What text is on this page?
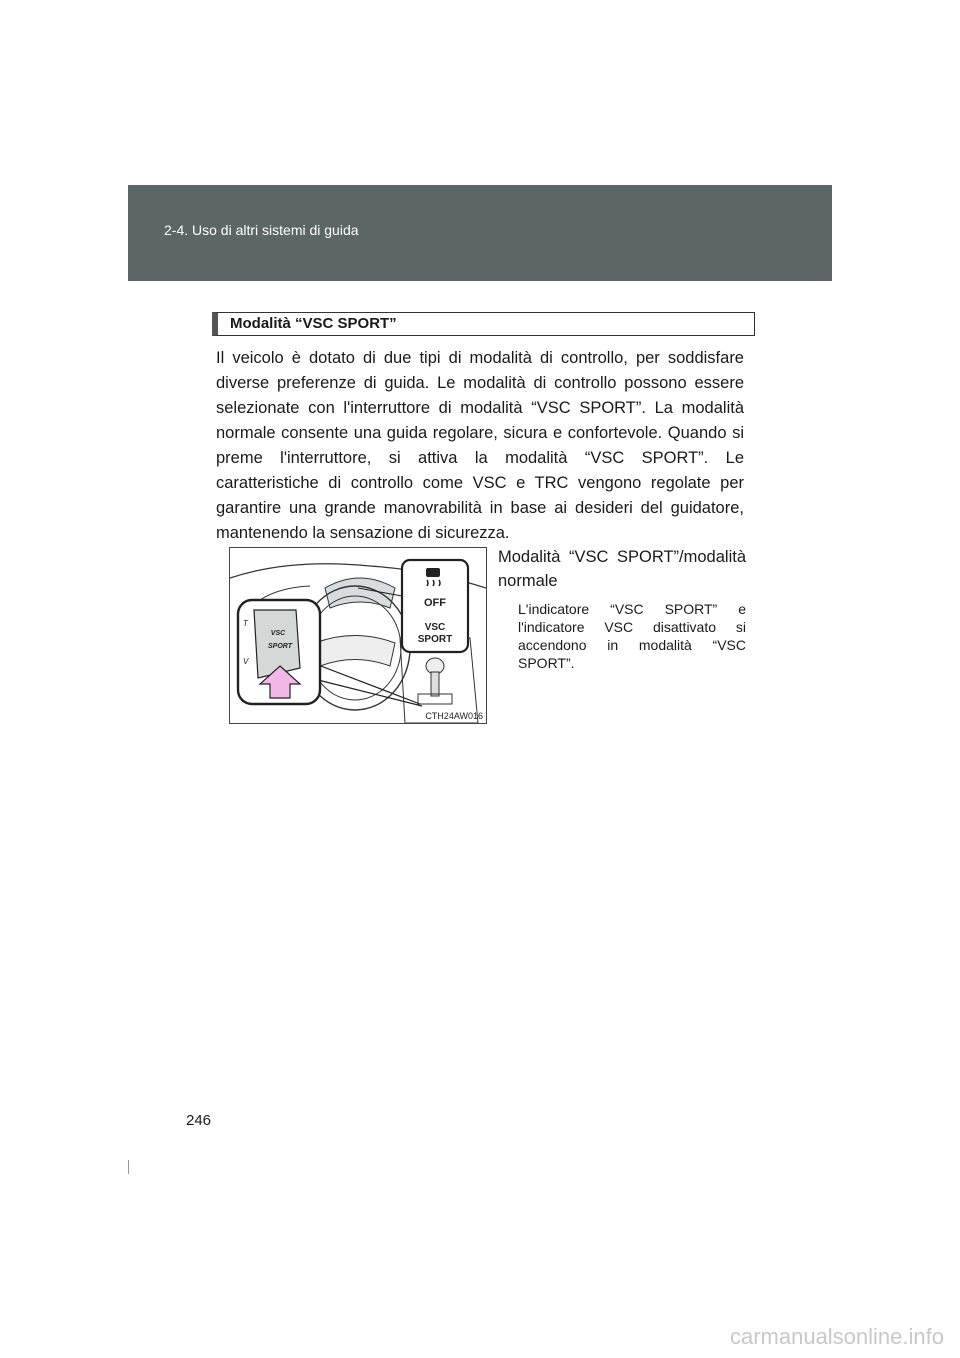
2-4. Uso di altri sistemi di guida
Modalità “VSC SPORT”

Il veicolo è dotato di due tipi di modalità di controllo, per soddisfare diverse preferenze di guida. Le modalità di controllo possono essere selezionate con l'interruttore di modalità “VSC SPORT”. La modalità normale consente una guida regolare, sicura e confortevole. Quando si preme l'interruttore, si attiva la modalità “VSC SPORT”. Le caratteristiche di controllo come VSC e TRC vengono regolate per garantire una grande manovrabilità in base ai desideri del guidatore, mantenendo la sensazione di sicurezza.

OFF
VSC
SPORT
T
V
VSC
SPORT
CTH24AW016
Modalità “VSC SPORT”/modalità normale
L'indicatore “VSC SPORT” e l'indicatore VSC disattivato si accendono in modalità “VSC SPORT”.
246
carmanualsonline.info
